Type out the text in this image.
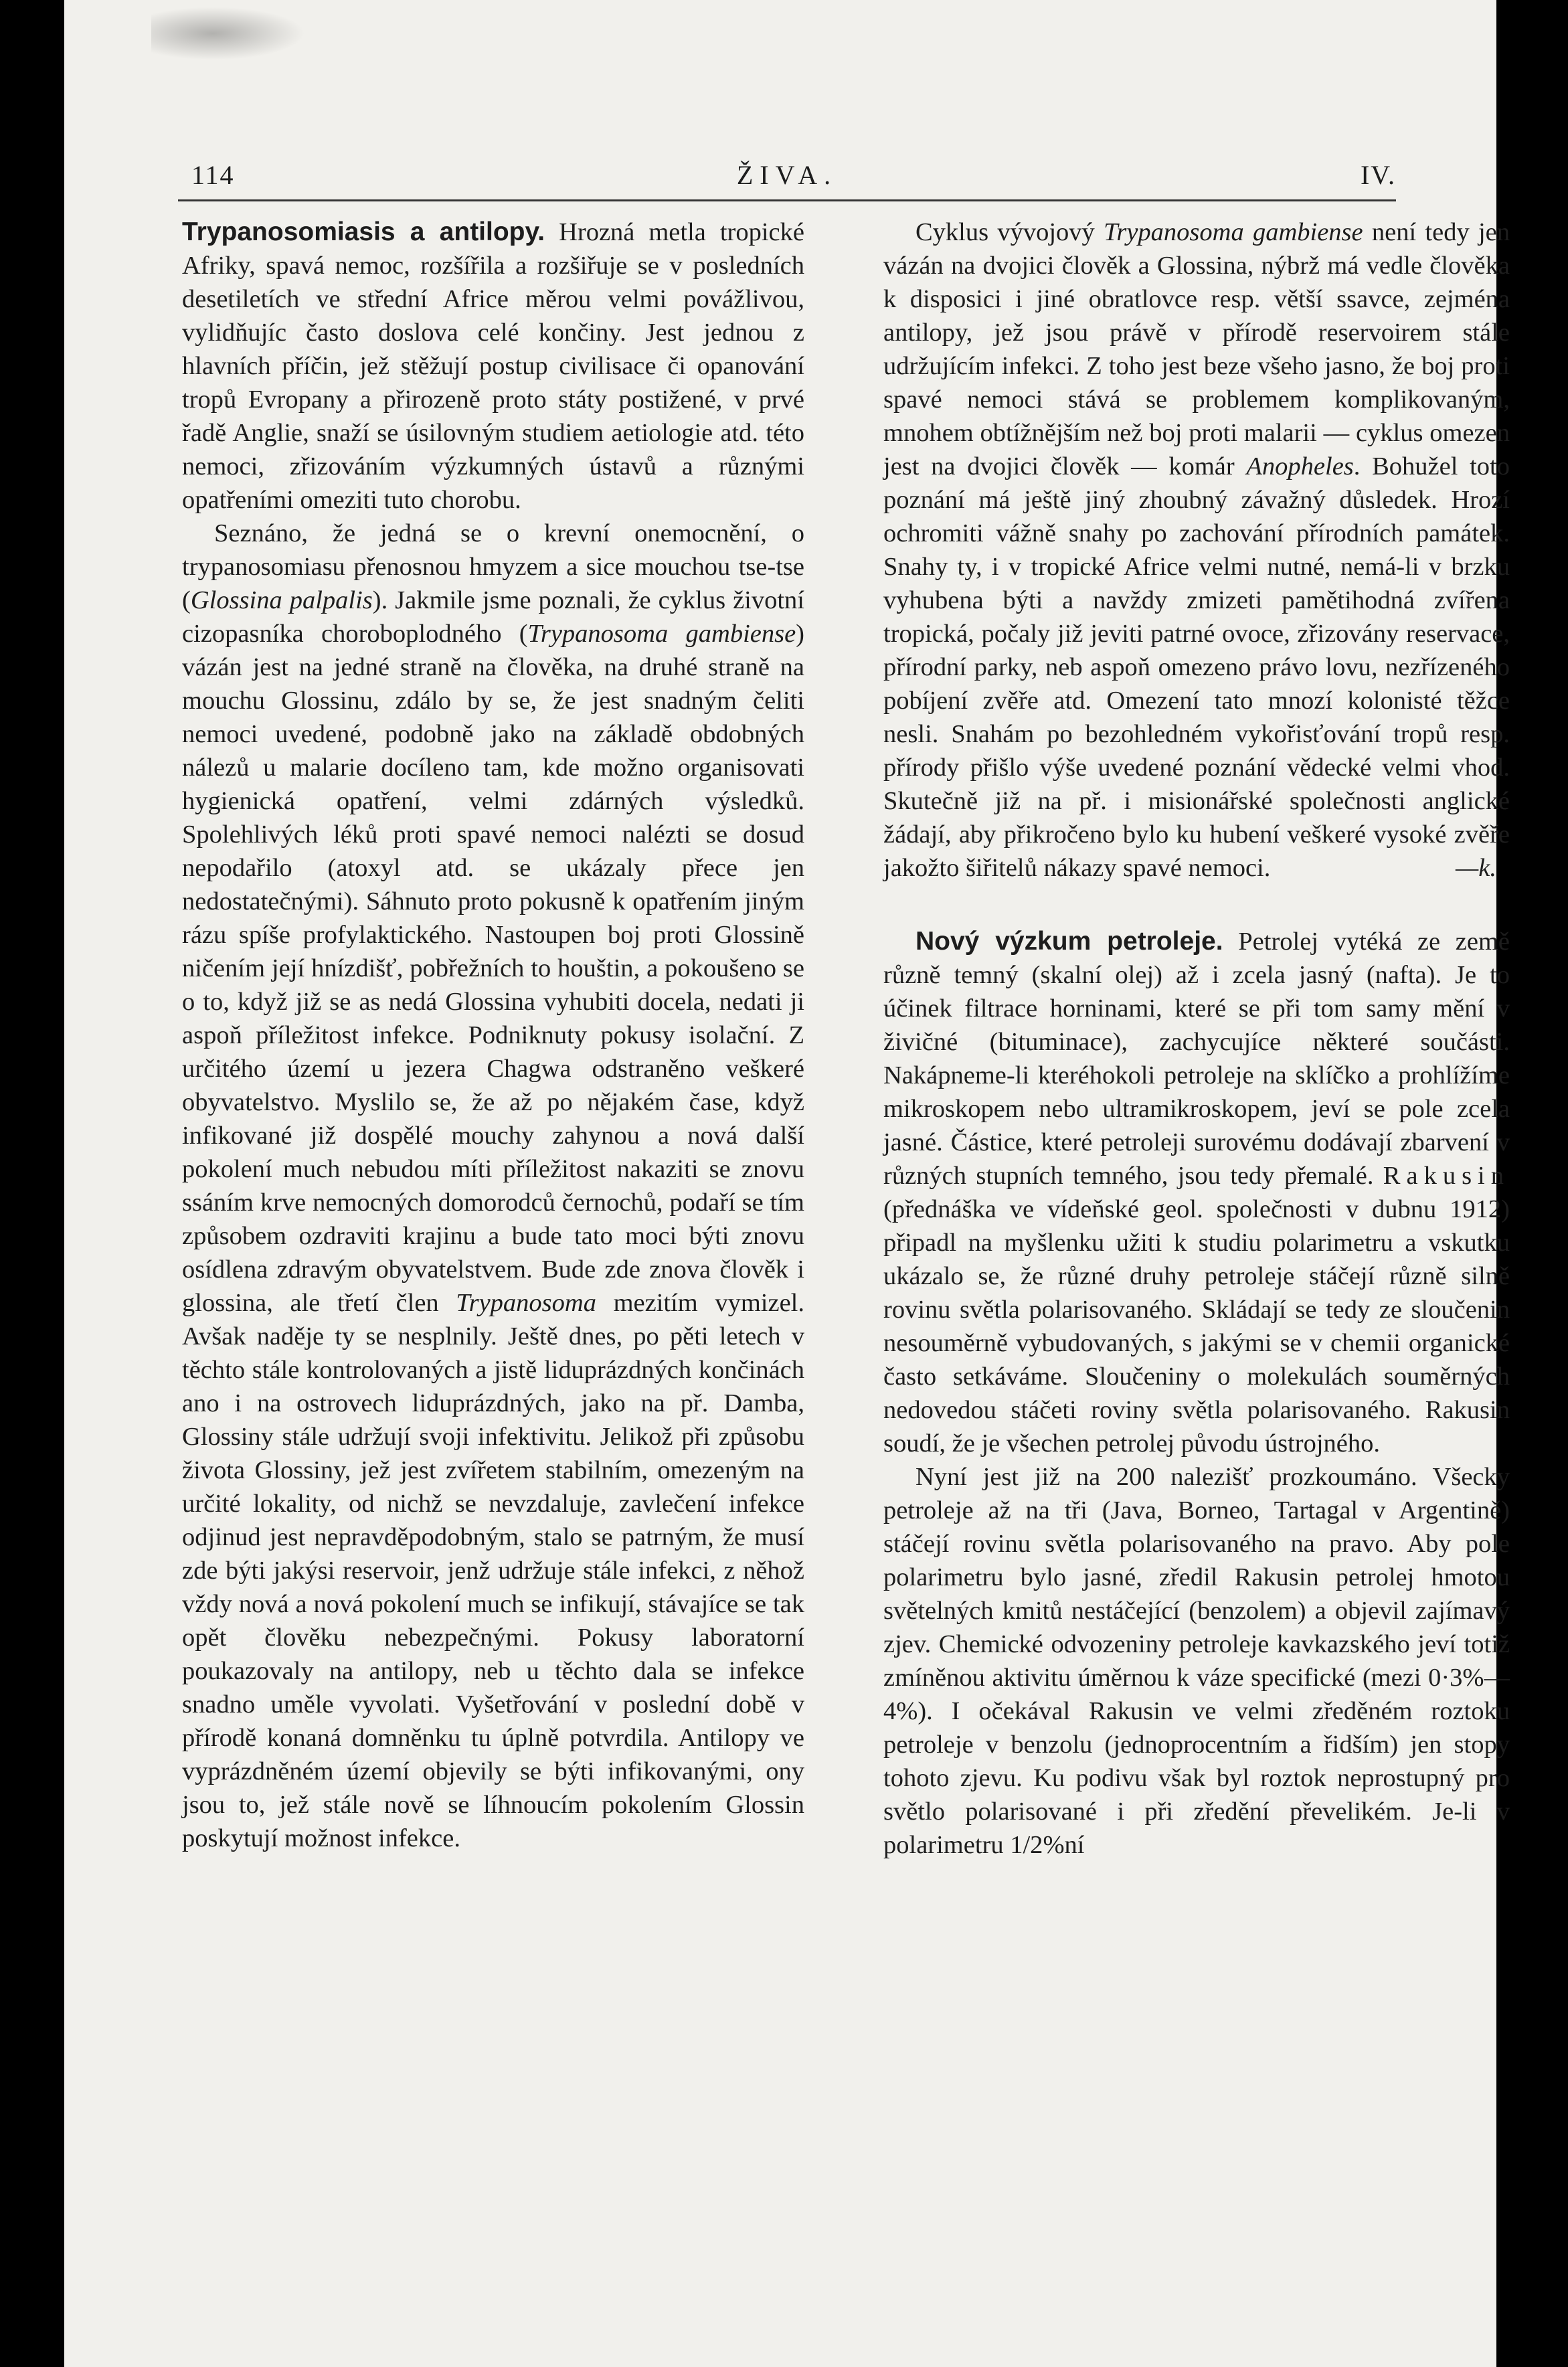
114	ŽIVA.	IV.

Trypanosomiasis a antilopy. Hrozná metla tropické Afriky, spavá nemoc, rozšířila a rozšiřuje se v posledních desetiletích ve střední Africe měrou velmi povážlivou, vylidňujíc často doslova celé končiny. Jest jednou z hlavních příčin, jež stěžují postup civilisace či opanování tropů Evropany a přirozeně proto státy postižené, v prvé řadě Anglie, snaží se úsilovným studiem aetiologie atd. této nemoci, zřizováním výzkumných ústavů a různými opatřeními omeziti tuto chorobu.

Seznáno, že jedná se o krevní onemocnění, o trypanosomiasu přenosnou hmyzem a sice mouchou tse-tse (Glossina palpalis). Jakmile jsme poznali, že cyklus životní cizopasníka choroboplodného (Trypanosoma gambiense) vázán jest na jedné straně na člověka, na druhé straně na mouchu Glossinu, zdálo by se, že jest snadným čeliti nemoci uvedené, podobně jako na základě obdobných nálezů u malarie docíleno tam, kde možno organisovati hygienická opatření, velmi zdárných výsledků. Spolehlivých léků proti spavé nemoci nalézti se dosud nepodařilo (atoxyl atd. se ukázaly přece jen nedostatečnými). Sáhnuto proto pokusně k opatřením jiným rázu spíše profylaktického. Nastoupen boj proti Glossině ničením její hnízdišť, pobřežních to houštin, a pokoušeno se o to, když již se as nedá Glossina vyhubiti docela, nedati ji aspoň příležitost infekce. Podniknuty pokusy isolační. Z určitého území u jezera Chagwa odstraněno veškeré obyvatelstvo. Myslilo se, že až po nějakém čase, když infikované již dospělé mouchy zahynou a nová další pokolení much nebudou míti příležitost nakaziti se znovu ssáním krve nemocných domorodců černochů, podaří se tím způsobem ozdraviti krajinu a bude tato moci býti znovu osídlena zdravým obyvatelstvem. Bude zde znova člověk i glossina, ale třetí člen Trypanosoma mezitím vymizel. Avšak naděje ty se nesplnily. Ještě dnes, po pěti letech v těchto stále kontrolovaných a jistě liduprázdných končinách ano i na ostrovech liduprázdných, jako na př. Damba, Glossiny stále udržují svoji infektivitu. Jelikož při způsobu života Glossiny, jež jest zvířetem stabilním, omezeným na určité lokality, od nichž se nevzdaluje, zavlečení infekce odjinud jest nepravděpodobným, stalo se patrným, že musí zde býti jakýsi reservoir, jenž udržuje stále infekci, z něhož vždy nová a nová pokolení much se infikují, stávajíce se tak opět člověku nebezpečnými. Pokusy laboratorní poukazovaly na antilopy, neb u těchto dala se infekce snadno uměle vyvolati. Vyšetřování v poslední době v přírodě konaná domněnku tu úplně potvrdila. Antilopy ve vyprázdněném území objevily se býti infikovanými, ony jsou to, jež stále nově se líhnoucím pokolením Glossin poskytují možnost infekce.

Cyklus vývojový Trypanosoma gambiense není tedy jen vázán na dvojici člověk a Glossina, nýbrž má vedle člověka k disposici i jiné obratlovce resp. větší ssavce, zejména antilopy, jež jsou právě v přírodě reservoirem stále udržujícím infekci. Z toho jest beze všeho jasno, že boj proti spavé nemoci stává se problemem komplikovaným, mnohem obtížnějším než boj proti malarii — cyklus omezen jest na dvojici člověk — komár Anopheles. Bohužel toto poznání má ještě jiný zhoubný závažný důsledek. Hrozí ochromiti vážně snahy po zachování přírodních památek. Snahy ty, i v tropické Africe velmi nutné, nemá-li v brzku vyhubena býti a navždy zmizeti pamětihodná zvířena tropická, počaly již jeviti patrné ovoce, zřizovány reservace, přírodní parky, neb aspoň omezeno právo lovu, nezřízeného pobíjení zvěře atd. Omezení tato mnozí kolonisté těžce nesli. Snahám po bezohledném vykořisťování tropů resp. přírody přišlo výše uvedené poznání vědecké velmi vhod. Skutečně již na př. i misionářské společnosti anglické žádají, aby přikročeno bylo ku hubení veškeré vysoké zvěře jakožto šiřitelů nákazy spavé nemoci.	—k.

Nový výzkum petroleje. Petrolej vytéká ze země různě temný (skalní olej) až i zcela jasný (nafta). Je to účinek filtrace horninami, které se při tom samy mění v živičné (bituminace), zachycujíce některé součásti. Nakápneme-li kteréhokoli petroleje na sklíčko a prohlížíme mikroskopem nebo ultramikroskopem, jeví se pole zcela jasné. Částice, které petroleji surovému dodávají zbarvení v různých stupních temného, jsou tedy přemalé. Rakusin (přednáška ve vídeňské geol. společnosti v dubnu 1912) připadl na myšlenku užiti k studiu polarimetru a vskutku ukázalo se, že různé druhy petroleje stáčejí různě silně rovinu světla polarisovaného. Skládají se tedy ze sloučenin nesouměrně vybudovaných, s jakými se v chemii organické často setkáváme. Sloučeniny o molekulách souměrných nedovedou stáčeti roviny světla polarisovaného. Rakusin soudí, že je všechen petrolej původu ústrojného.

Nyní jest již na 200 nalezišť prozkoumáno. Všecky petroleje až na tři (Java, Borneo, Tartagal v Argentině) stáčejí rovinu světla polarisovaného na pravo. Aby pole polarimetru bylo jasné, zředil Rakusin petrolej hmotou světelných kmitů nestáčející (benzolem) a objevil zajímavý zjev. Chemické odvozeniny petroleje kavkazského jeví totiž zmíněnou aktivitu úměrnou k váze specifické (mezi 0·3%—4%). I očekával Rakusin ve velmi zředěném roztoku petroleje v benzolu (jednoprocentním a řidším) jen stopy tohoto zjevu. Ku podivu však byl roztok neprostupný pro světlo polarisované i při zředění převelikém. Je-li v polarimetru 1/2%ní
